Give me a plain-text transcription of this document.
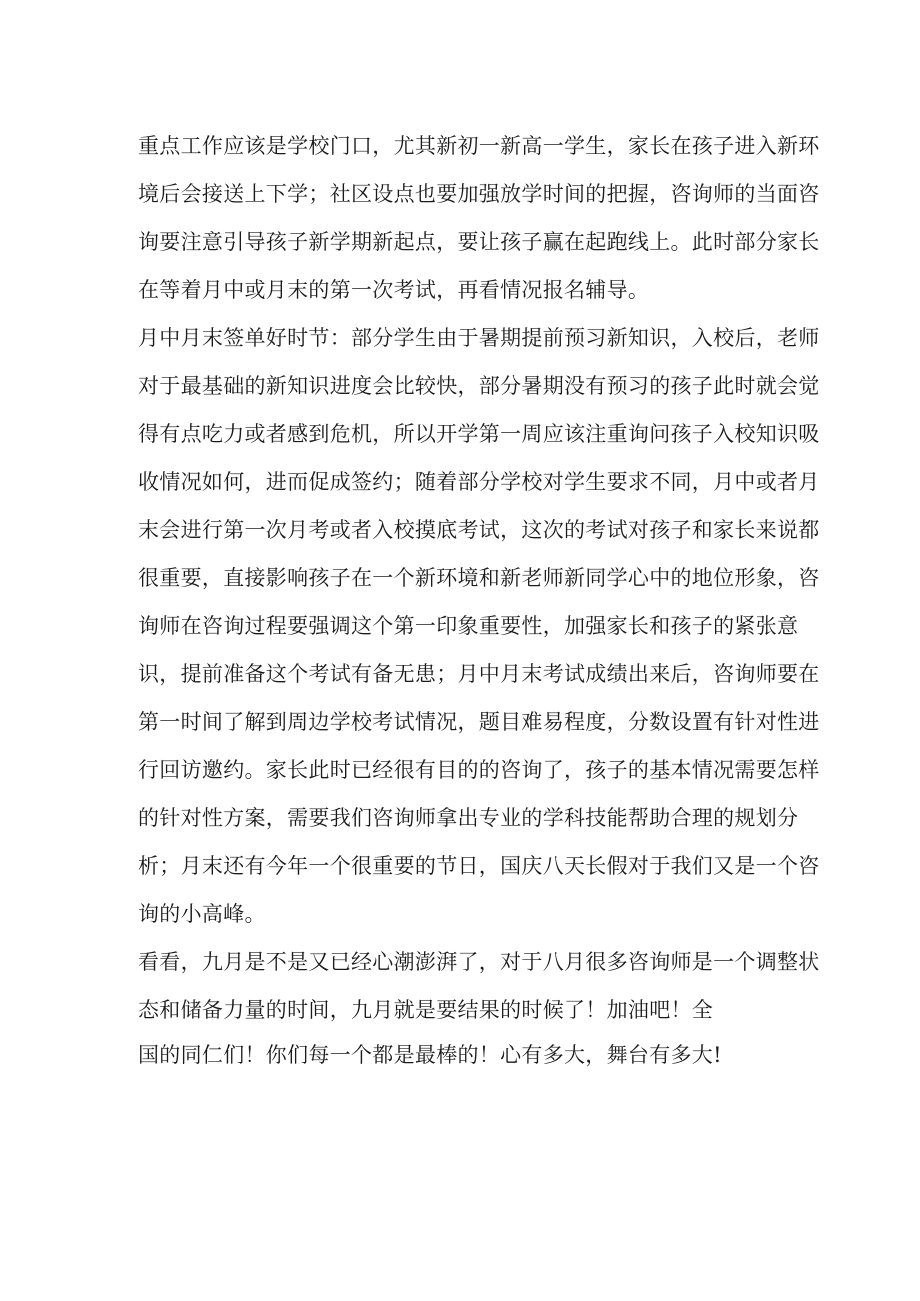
重点工作应该是学校门口，尤其新初一新高一学生，家长在孩子进入新环
境后会接送上下学；社区设点也要加强放学时间的把握，咨询师的当面咨
询要注意引导孩子新学期新起点，要让孩子赢在起跑线上。此时部分家长
在等着月中或月末的第一次考试，再看情况报名辅导。
月中月末签单好时节：部分学生由于暑期提前预习新知识，入校后，老师
对于最基础的新知识进度会比较快，部分暑期没有预习的孩子此时就会觉
得有点吃力或者感到危机，所以开学第一周应该注重询问孩子入校知识吸
收情况如何，进而促成签约；随着部分学校对学生要求不同，月中或者月
末会进行第一次月考或者入校摸底考试，这次的考试对孩子和家长来说都
很重要，直接影响孩子在一个新环境和新老师新同学心中的地位形象，咨
询师在咨询过程要强调这个第一印象重要性，加强家长和孩子的紧张意
识，提前准备这个考试有备无患；月中月末考试成绩出来后，咨询师要在
第一时间了解到周边学校考试情况，题目难易程度，分数设置有针对性进
行回访邀约。家长此时已经很有目的的咨询了，孩子的基本情况需要怎样
的针对性方案，需要我们咨询师拿出专业的学科技能帮助合理的规划分
析；月末还有今年一个很重要的节日，国庆八天长假对于我们又是一个咨
询的小高峰。
看看，九月是不是又已经心潮澎湃了，对于八月很多咨询师是一个调整状
态和储备力量的时间，九月就是要结果的时候了！加油吧！全
国的同仁们！你们每一个都是最棒的！心有多大，舞台有多大!
